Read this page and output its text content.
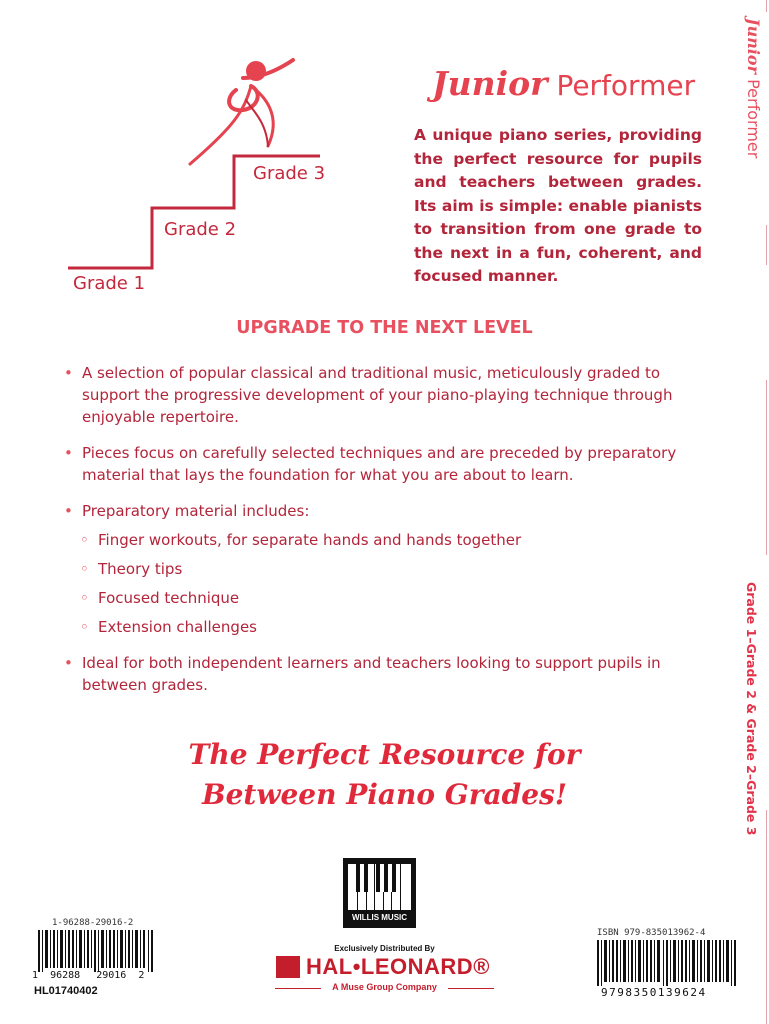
Junior Performer
Grade 1–Grade 2 & Grade 2–Grade 3
Grade 1
Grade 2
Grade 3
Junior Performer
A unique piano series, providing the perfect resource for pupils and teachers between grades. Its aim is simple: enable pianists to transition from one grade to the next in a fun, coherent, and focused manner.
UPGRADE TO THE NEXT LEVEL
• A selection of popular classical and traditional music, meticulously graded to support the progressive development of your piano-playing technique through enjoyable repertoire.
• Pieces focus on carefully selected techniques and are preceded by preparatory material that lays the foundation for what you are about to learn.
• Preparatory material includes:
◦ Finger workouts, for separate hands and hands together
◦ Theory tips
◦ Focused technique
◦ Extension challenges
• Ideal for both independent learners and teachers looking to support pupils in between grades.
The Perfect Resource for
Between Piano Grades!
1-96288-29016-2
1 96288 29016 2
HL01740402
WILLIS MUSIC
Exclusively Distributed By
HAL•LEONARD®
A Muse Group Company
ISBN 979-835013962-4
9798350139624
